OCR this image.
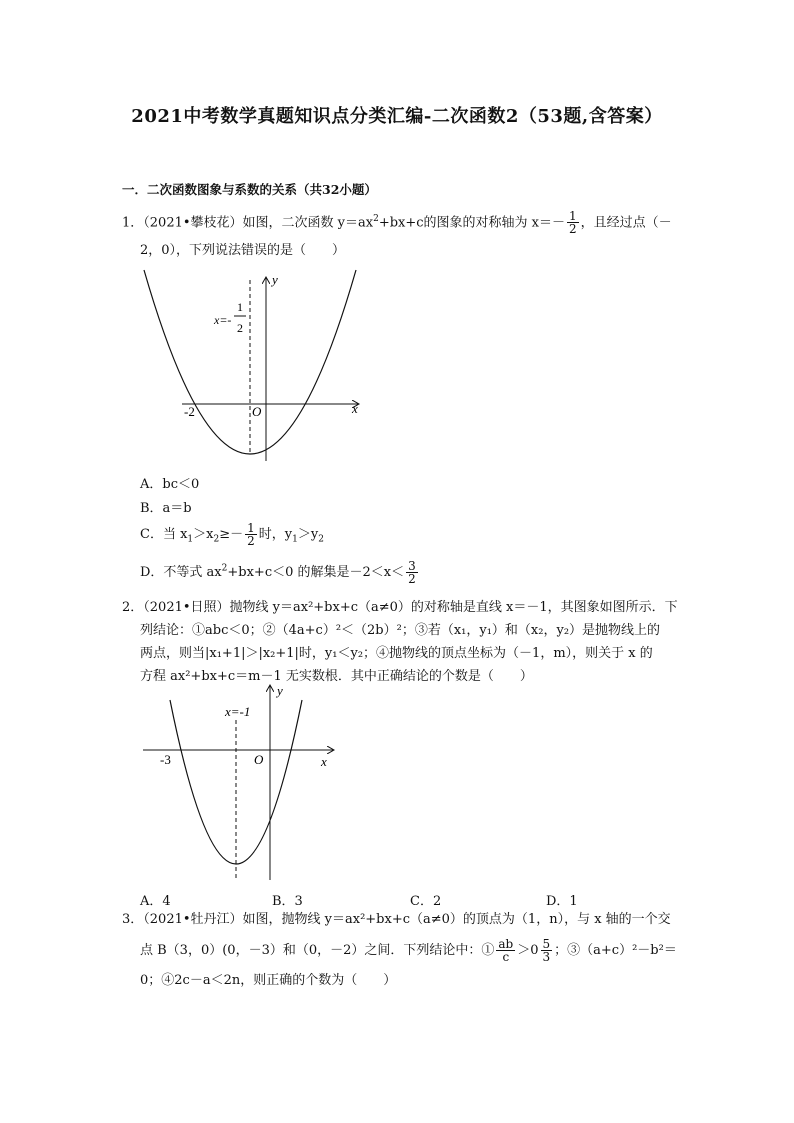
2021中考数学真题知识点分类汇编-二次函数2（53题,含答案）
一．二次函数图象与系数的关系（共32小题）
1．（2021•攀枝花）如图，二次函数 $y=ax^2+bx+c$的图象的对称轴为 $x=- \frac{1}{2}$ ，且经过点（－
2，0），下列说法错误的是（　　）
y
x
O
-2
x=-
1
2
A．bc＜0
B．a＝b
C．当 $x_1>x_2\ge- \frac{1}{2}$ 时，$y_1>y_2$
D．不等式 $ax^2+bx+c<0$ 的解集是$-2<x< \frac{3}{2}$
2．（2021•日照）抛物线 y＝ax²+bx+c（a≠0）的对称轴是直线 x＝－1，其图象如图所示．下
列结论：①abc＜0；②（4a+c）²＜（2b）²；③若（x₁，y₁）和（x₂，y₂）是抛物线上的
两点，则当|x₁+1|＞|x₂+1|时，y₁＜y₂；④抛物线的顶点坐标为（－1，m），则关于 x 的
方程 ax²+bx+c＝m－1 无实数根．其中正确结论的个数是（　　）
y
x
O
-3
x=-1
A．4	B．3	C．2	D．1
3．（2021•牡丹江）如图，抛物线 y＝ax²+bx+c（a≠0）的顶点为（1，n），与 x 轴的一个交
点 B（3，0）(0，－3）和（0，－2）之间．下列结论中：① $\frac{ab}{c} >0 \frac{5}{3}$ ；③（a+c）²－b²＝
0；④2c－a＜2n，则正确的个数为（　　）
